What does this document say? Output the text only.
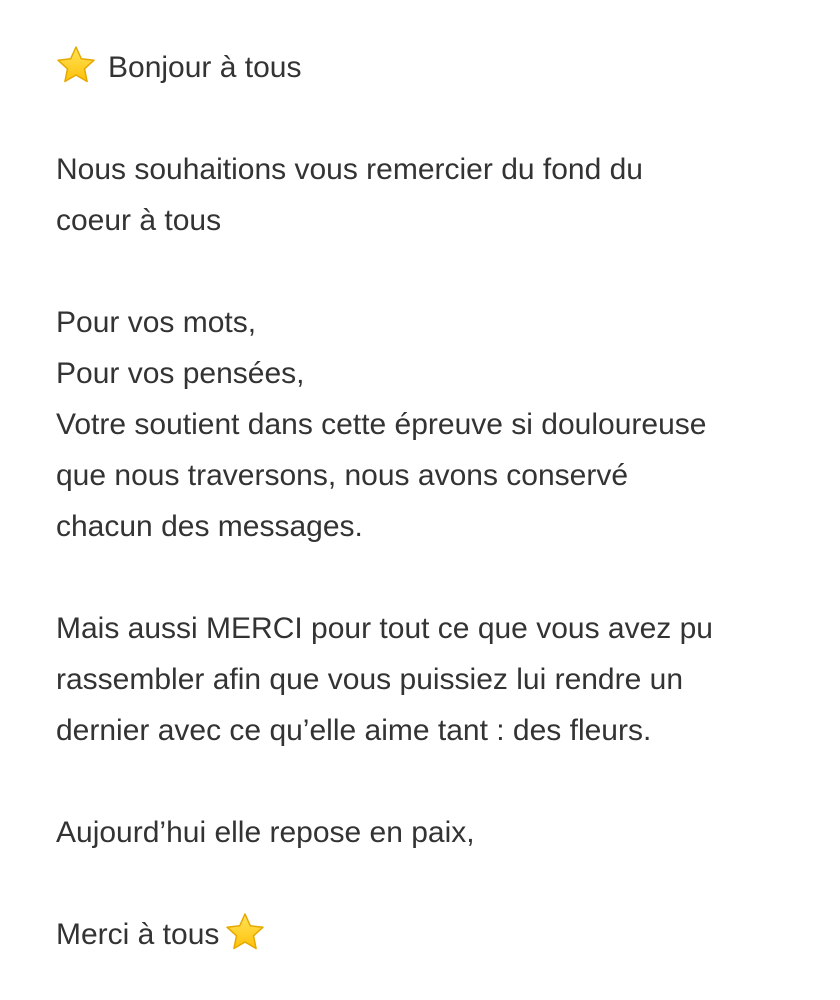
Bonjour à tous
Nous souhaitions vous remercier du fond du
coeur à tous
Pour vos mots,
Pour vos pensées,
Votre soutient dans cette épreuve si douloureuse
que nous traversons, nous avons conservé
chacun des messages.
Mais aussi MERCI pour tout ce que vous avez pu
rassembler afin que vous puissiez lui rendre un
dernier avec ce qu’elle aime tant : des fleurs.
Aujourd’hui elle repose en paix,
Merci à tous
